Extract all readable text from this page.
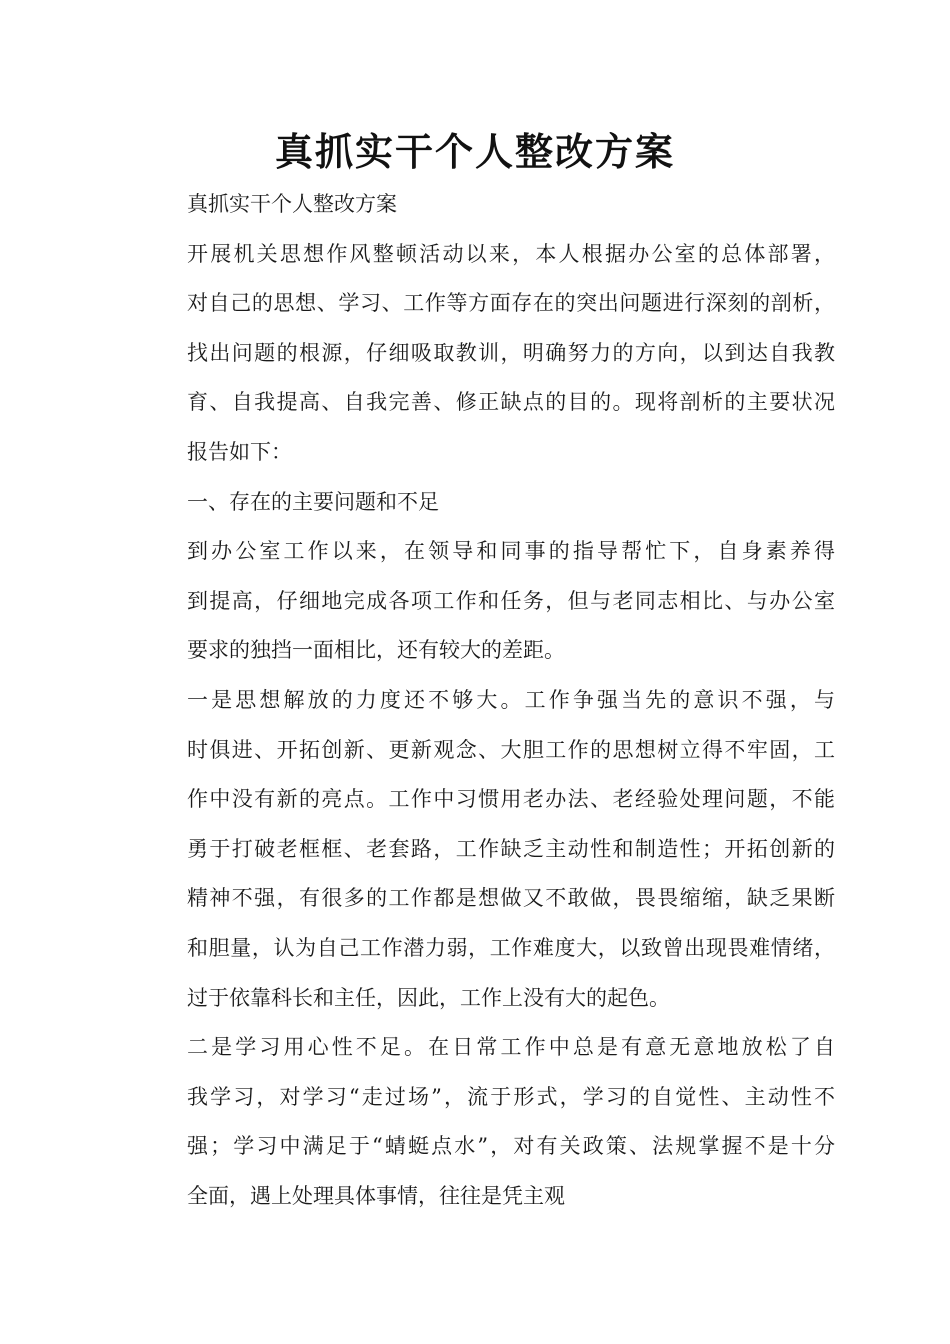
真抓实干个人整改方案

真抓实干个人整改方案

开展机关思想作风整顿活动以来，本人根据办公室的总体部署，
对自己的思想、学习、工作等方面存在的突出问题进行深刻的剖析，
找出问题的根源，仔细吸取教训，明确努力的方向，以到达自我教
育、自我提高、自我完善、修正缺点的目的。现将剖析的主要状况
报告如下：

一、存在的主要问题和不足

到办公室工作以来，在领导和同事的指导帮忙下，自身素养得
到提高，仔细地完成各项工作和任务，但与老同志相比、与办公室
要求的独挡一面相比，还有较大的差距。

一是思想解放的力度还不够大。工作争强当先的意识不强，与
时俱进、开拓创新、更新观念、大胆工作的思想树立得不牢固，工
作中没有新的亮点。工作中习惯用老办法、老经验处理问题，不能
勇于打破老框框、老套路，工作缺乏主动性和制造性；开拓创新的
精神不强，有很多的工作都是想做又不敢做，畏畏缩缩，缺乏果断
和胆量，认为自己工作潜力弱，工作难度大，以致曾出现畏难情绪，
过于依靠科长和主任，因此，工作上没有大的起色。

二是学习用心性不足。在日常工作中总是有意无意地放松了自
我学习，对学习“走过场”，流于形式，学习的自觉性、主动性不
强；学习中满足于“蜻蜓点水”，对有关政策、法规掌握不是十分
全面，遇上处理具体事情，往往是凭主观
